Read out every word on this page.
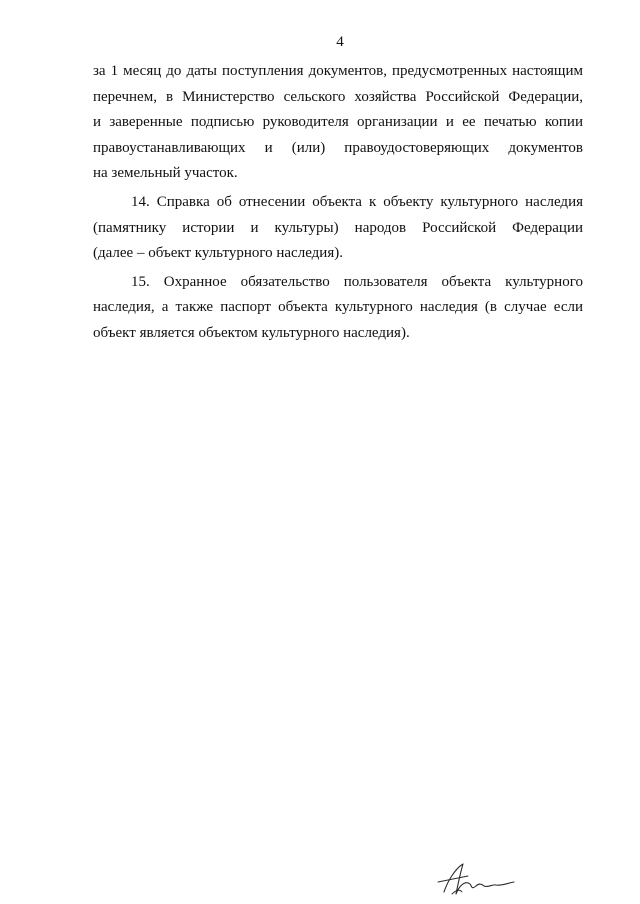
4

за 1 месяц до даты поступления документов, предусмотренных настоящим
перечнем, в Министерство сельского хозяйства Российской Федерации,
и заверенные подписью руководителя организации и ее печатью копии
правоустанавливающих и (или) правоудостоверяющих документов
на земельный участок.

14. Справка об отнесении объекта к объекту культурного наследия
(памятнику истории и культуры) народов Российской Федерации
(далее – объект культурного наследия).

15. Охранное обязательство пользователя объекта культурного
наследия, а также паспорт объекта культурного наследия (в случае если
объект является объектом культурного наследия).
